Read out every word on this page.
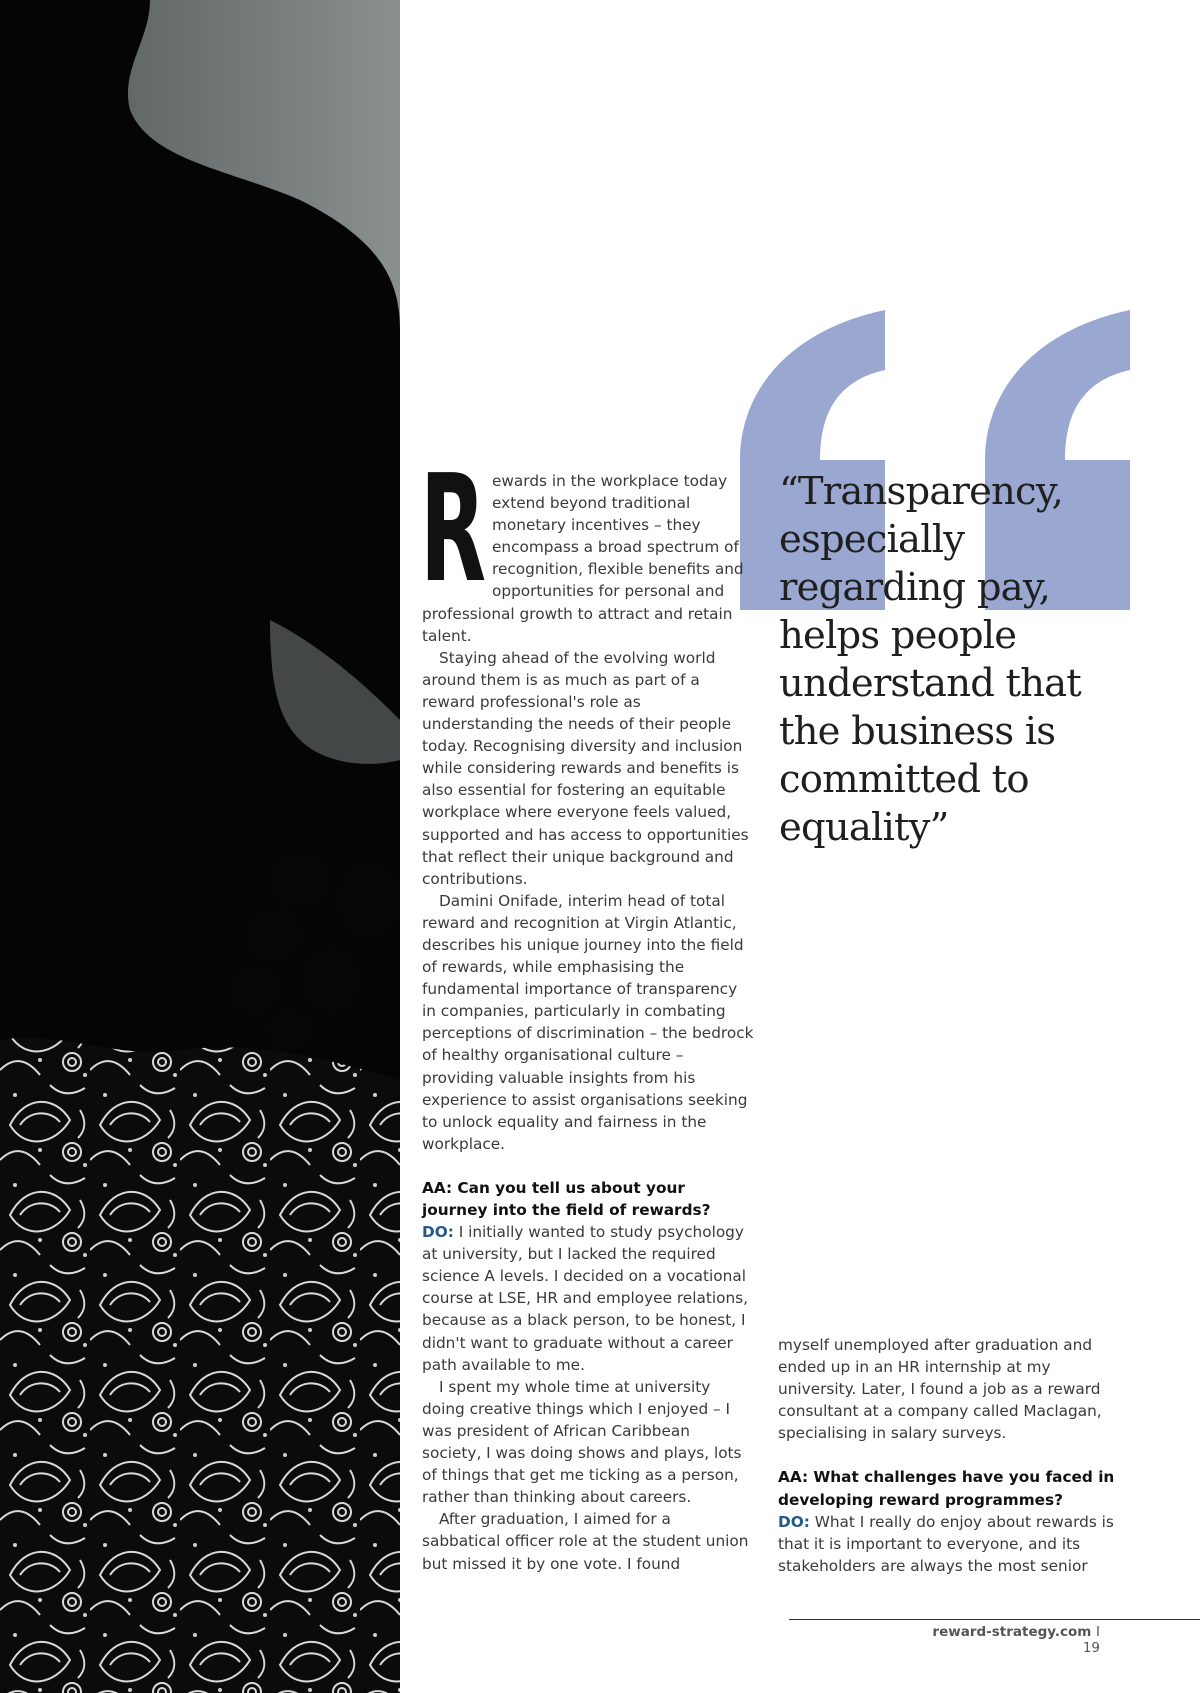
R ewards in the workplace today extend beyond traditional monetary incentives – they encompass a broad spectrum of recognition, flexible benefits and opportunities for personal and professional growth to attract and retain talent.

Staying ahead of the evolving world around them is as much as part of a reward professional's role as understanding the needs of their people today. Recognising diversity and inclusion while considering rewards and benefits is also essential for fostering an equitable workplace where everyone feels valued, supported and has access to opportunities that reflect their unique background and contributions.

Damini Onifade, interim head of total reward and recognition at Virgin Atlantic, describes his unique journey into the field of rewards, while emphasising the fundamental importance of transparency in companies, particularly in combating perceptions of discrimination – the bedrock of healthy organisational culture – providing valuable insights from his experience to assist organisations seeking to unlock equality and fairness in the workplace.

AA: Can you tell us about your journey into the field of rewards?

DO: I initially wanted to study psychology at university, but I lacked the required science A levels. I decided on a vocational course at LSE, HR and employee relations, because as a black person, to be honest, I didn't want to graduate without a career path available to me.

I spent my whole time at university doing creative things which I enjoyed – I was president of African Caribbean society, I was doing shows and plays, lots of things that get me ticking as a person, rather than thinking about careers.

After graduation, I aimed for a sabbatical officer role at the student union but missed it by one vote. I found

“Transparency, especially regarding pay, helps people understand that the business is committed to equality”

myself unemployed after graduation and ended up in an HR internship at my university. Later, I found a job as a reward consultant at a company called Maclagan, specialising in salary surveys.

AA: What challenges have you faced in developing reward programmes?

DO: What I really do enjoy about rewards is that it is important to everyone, and its stakeholders are always the most senior

reward-strategy.com I 19
